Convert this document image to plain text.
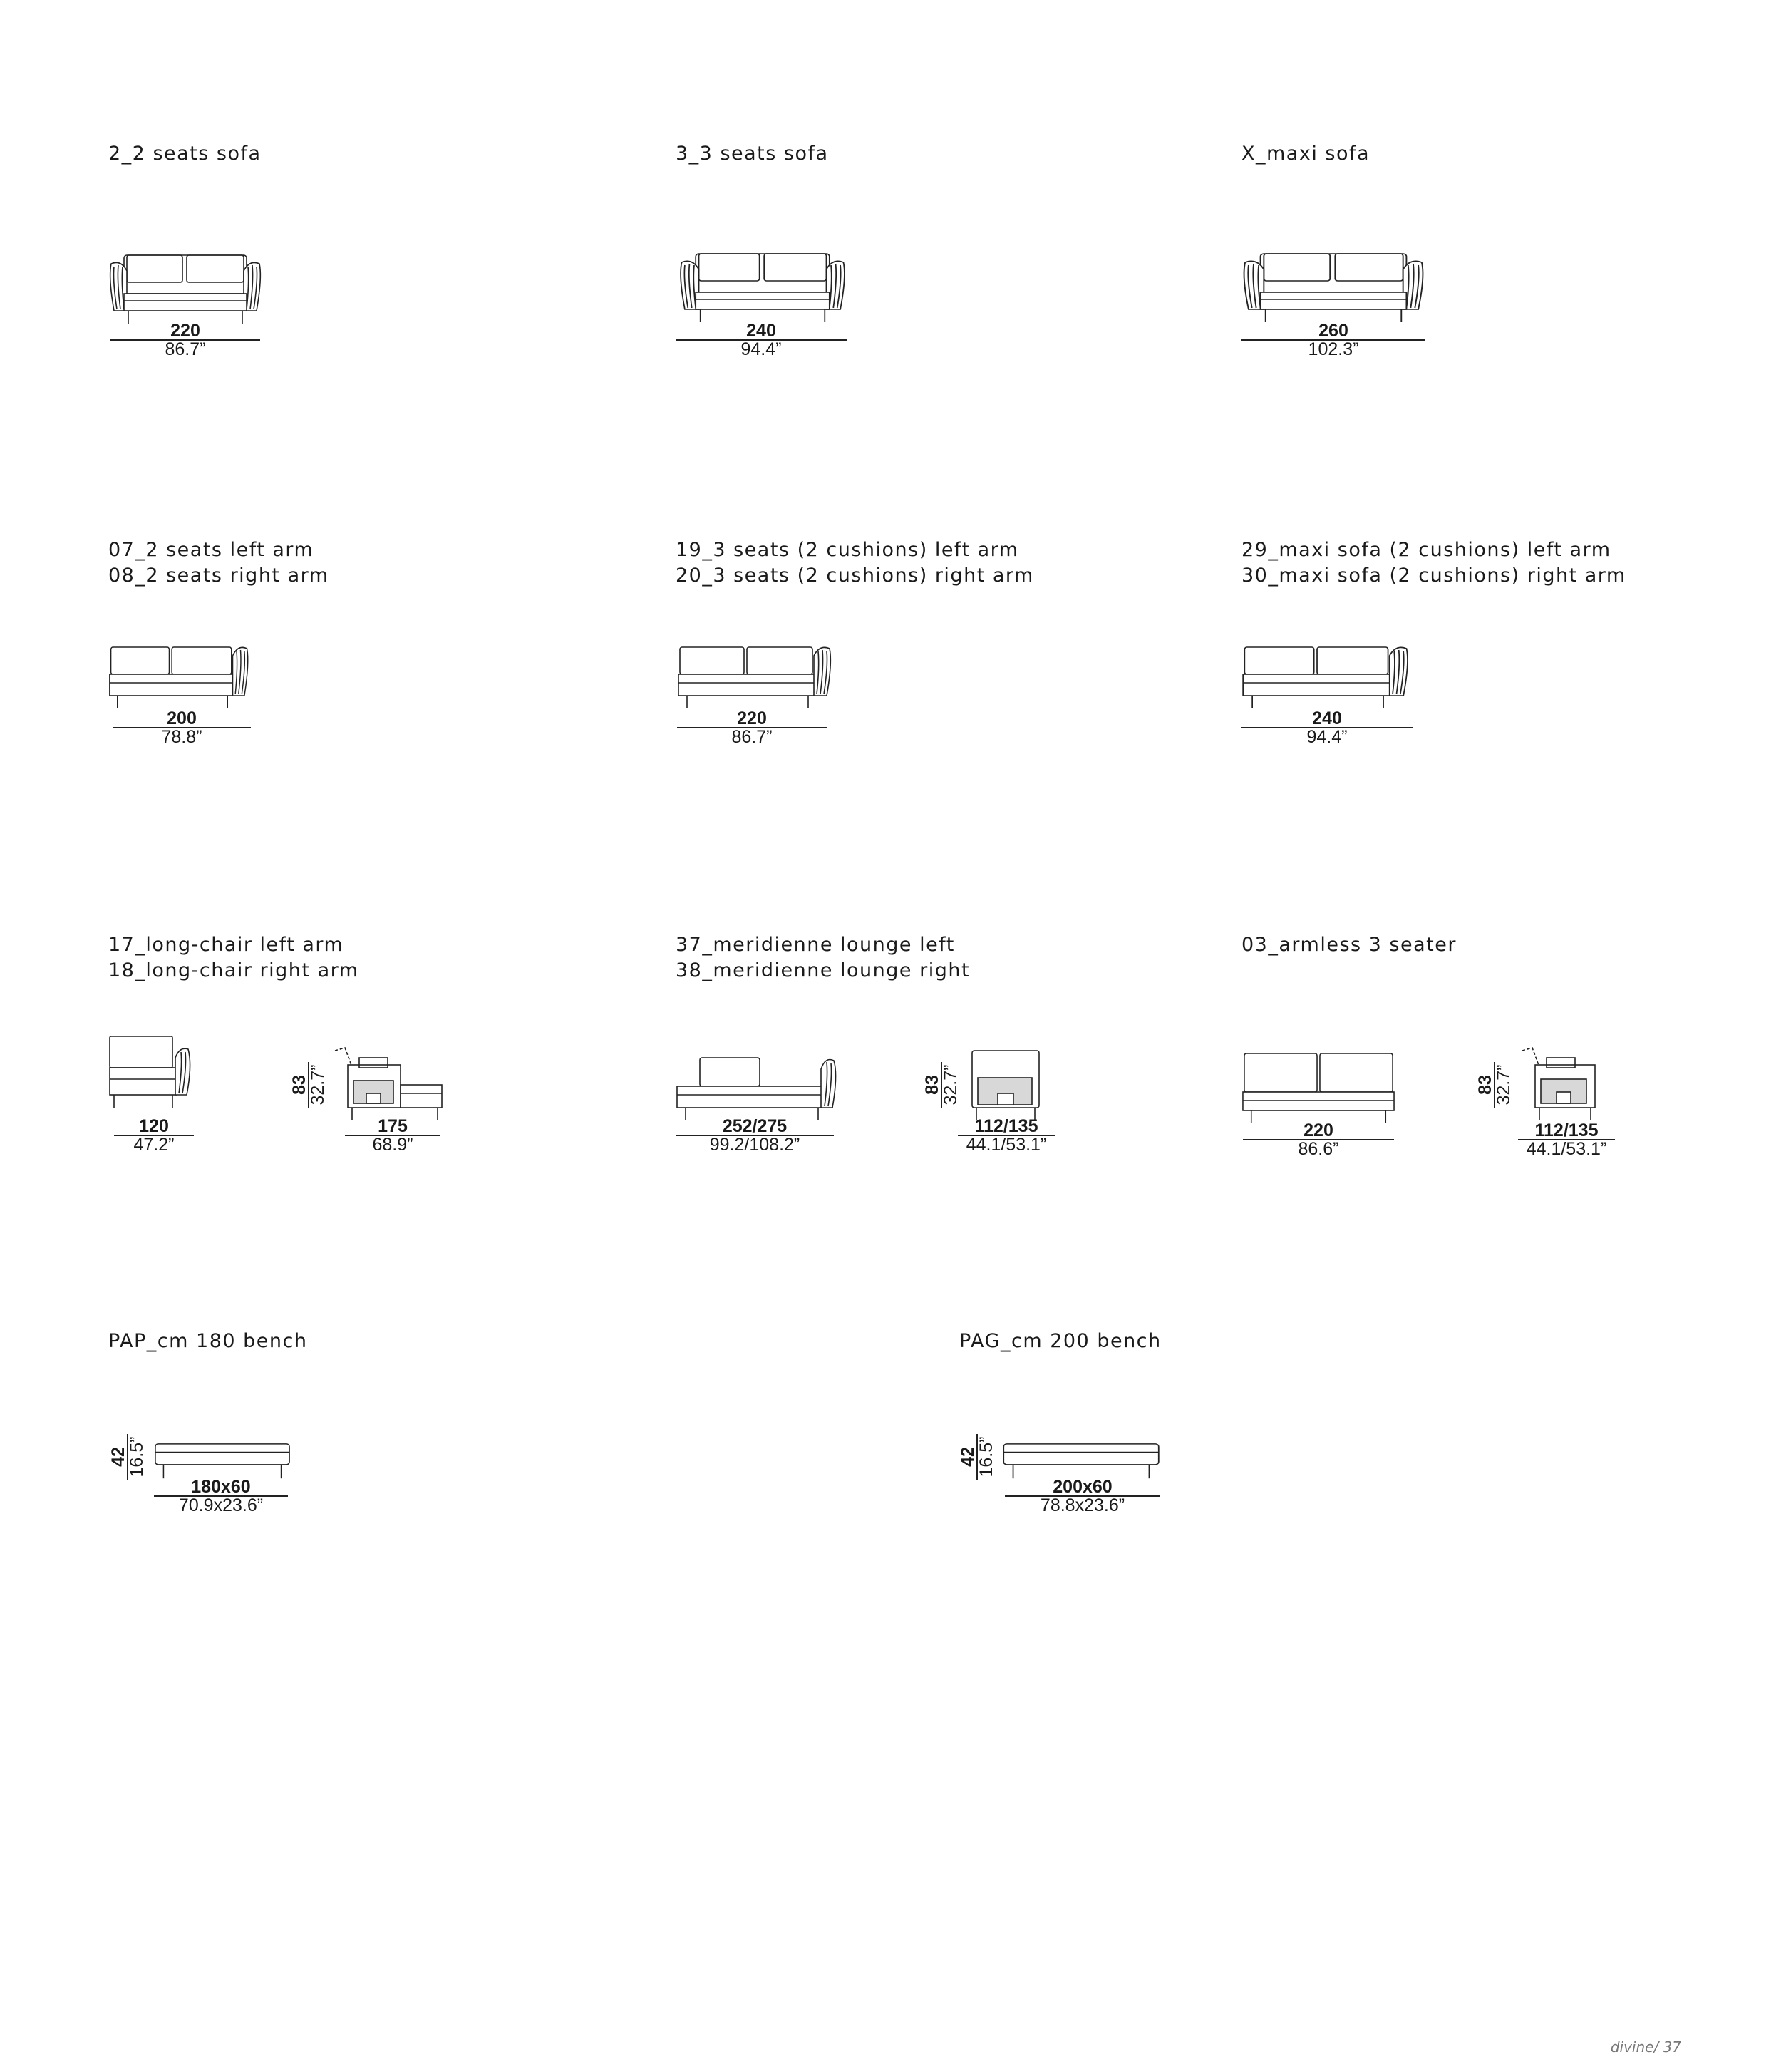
2_2 seats sofa
220
86.7”
3_3 seats sofa
240
94.4”
X_maxi sofa
260
102.3”
07_2 seats left arm
08_2 seats right arm
200
78.8”
19_3 seats (2 cushions) left arm
20_3 seats (2 cushions) right arm
220
86.7”
29_maxi sofa (2 cushions) left arm
30_maxi sofa (2 cushions) right arm
240
94.4”
17_long-chair left arm
18_long-chair right arm
120
47.2”
83
32.7”
175
68.9”
37_meridienne lounge left
38_meridienne lounge right
252/275
99.2/108.2”
83
32.7”
112/135
44.1/53.1”
03_armless 3 seater
220
86.6”
83
32.7”
112/135
44.1/53.1”
PAP_cm 180 bench
42
16.5”
180x60
70.9x23.6”
PAG_cm 200 bench
42
16.5”
200x60
78.8x23.6”
divine/ 37
